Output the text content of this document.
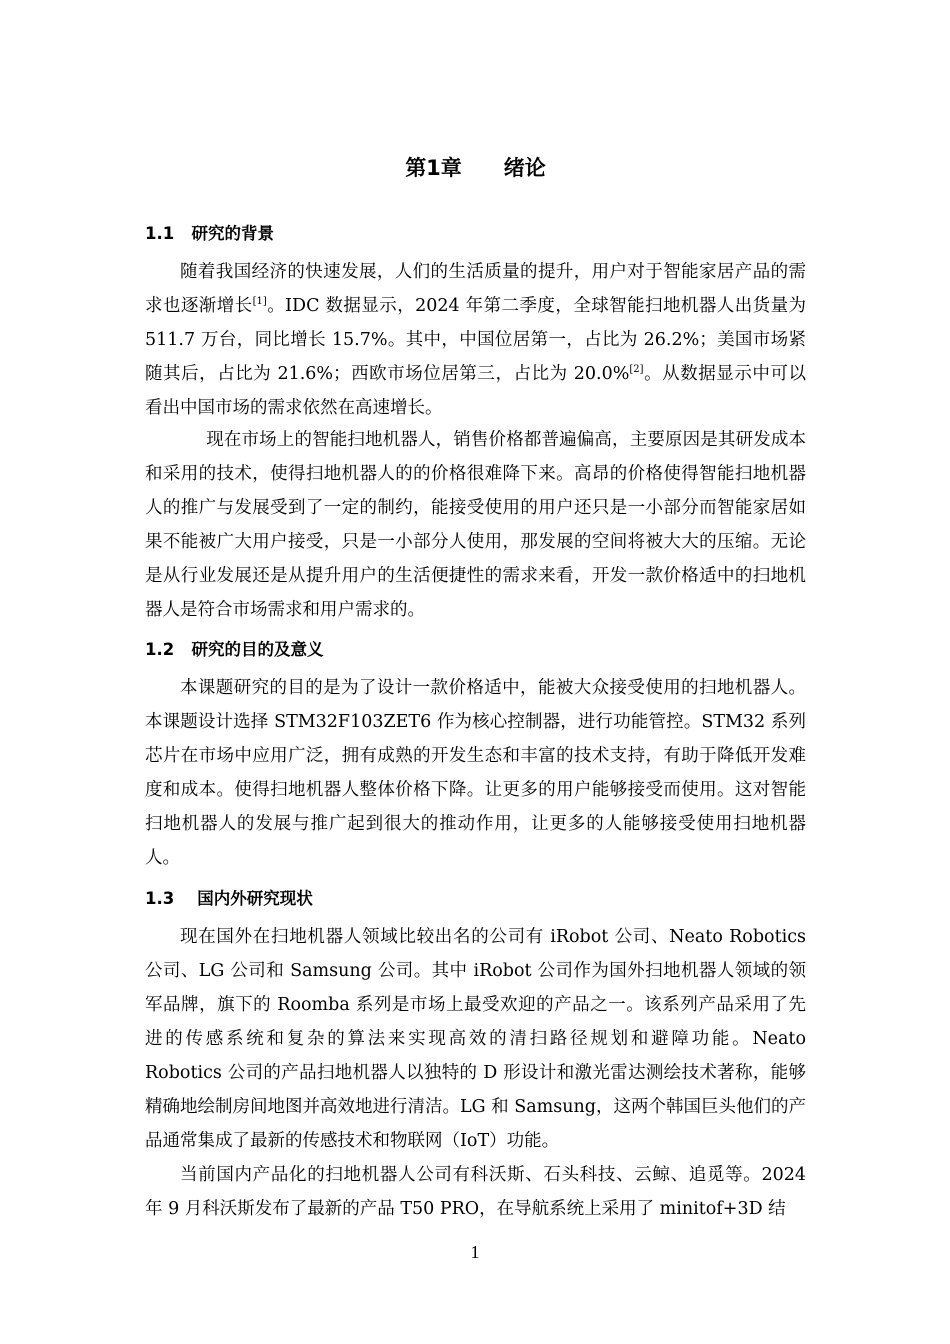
第1章　　绪论
1.1   研究的背景

随着我国经济的快速发展，人们的生活质量的提升，用户对于智能家居产品的需求也逐渐增长[1]。IDC 数据显示，2024 年第二季度，全球智能扫地机器人出货量为 511.7 万台，同比增长 15.7%。其中，中国位居第一，占比为 26.2%；美国市场紧随其后，占比为 21.6%；西欧市场位居第三，占比为 20.0%[2]。从数据显示中可以看出中国市场的需求依然在高速增长。

现在市场上的智能扫地机器人，销售价格都普遍偏高，主要原因是其研发成本和采用的技术，使得扫地机器人的的价格很难降下来。高昂的价格使得智能扫地机器人的推广与发展受到了一定的制约，能接受使用的用户还只是一小部分而智能家居如果不能被广大用户接受，只是一小部分人使用，那发展的空间将被大大的压缩。无论是从行业发展还是从提升用户的生活便捷性的需求来看，开发一款价格适中的扫地机器人是符合市场需求和用户需求的。

1.2   研究的目的及意义

本课题研究的目的是为了设计一款价格适中，能被大众接受使用的扫地机器人。本课题设计选择 STM32F103ZET6 作为核心控制器，进行功能管控。STM32 系列芯片在市场中应用广泛，拥有成熟的开发生态和丰富的技术支持，有助于降低开发难度和成本。使得扫地机器人整体价格下降。让更多的用户能够接受而使用。这对智能扫地机器人的发展与推广起到很大的推动作用，让更多的人能够接受使用扫地机器人。

1.3    国内外研究现状

现在国外在扫地机器人领域比较出名的公司有 iRobot 公司、Neato Robotics 公司、LG 公司和 Samsung 公司。其中 iRobot 公司作为国外扫地机器人领域的领军品牌，旗下的 Roomba 系列是市场上最受欢迎的产品之一。该系列产品采用了先进的传感系统和复杂的算法来实现高效的清扫路径规划和避障功能。Neato Robotics 公司的产品扫地机器人以独特的 D 形设计和激光雷达测绘技术著称，能够精确地绘制房间地图并高效地进行清洁。LG 和 Samsung，这两个韩国巨头他们的产品通常集成了最新的传感技术和物联网（IoT）功能。

当前国内产品化的扫地机器人公司有科沃斯、石头科技、云鲸、追觅等。2024 年 9 月科沃斯发布了最新的产品 T50 PRO，在导航系统上采用了 minitof+3D 结

1
